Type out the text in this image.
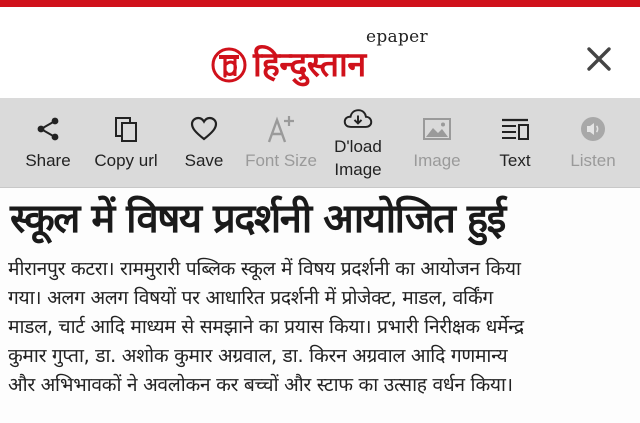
हिन्दुस्तान
epaper
Share Copy url Save Font Size
D'load
Image Image Text Listen
स्कूल में विषय प्रदर्शनी आयोजित हुई
मीरानपुर कटरा। राममुरारी पब्लिक स्कूल में विषय प्रदर्शनी का आयोजन किया
गया। अलग अलग विषयों पर आधारित प्रदर्शनी में प्रोजेक्ट, माडल, वर्किंग
माडल, चार्ट आदि माध्यम से समझाने का प्रयास किया। प्रभारी निरीक्षक धर्मेन्द्र
कुमार गुप्ता, डा. अशोक कुमार अग्रवाल, डा. किरन अग्रवाल आदि गणमान्य
और अभिभावकों ने अवलोकन कर बच्चों और स्टाफ का उत्साह वर्धन किया।
